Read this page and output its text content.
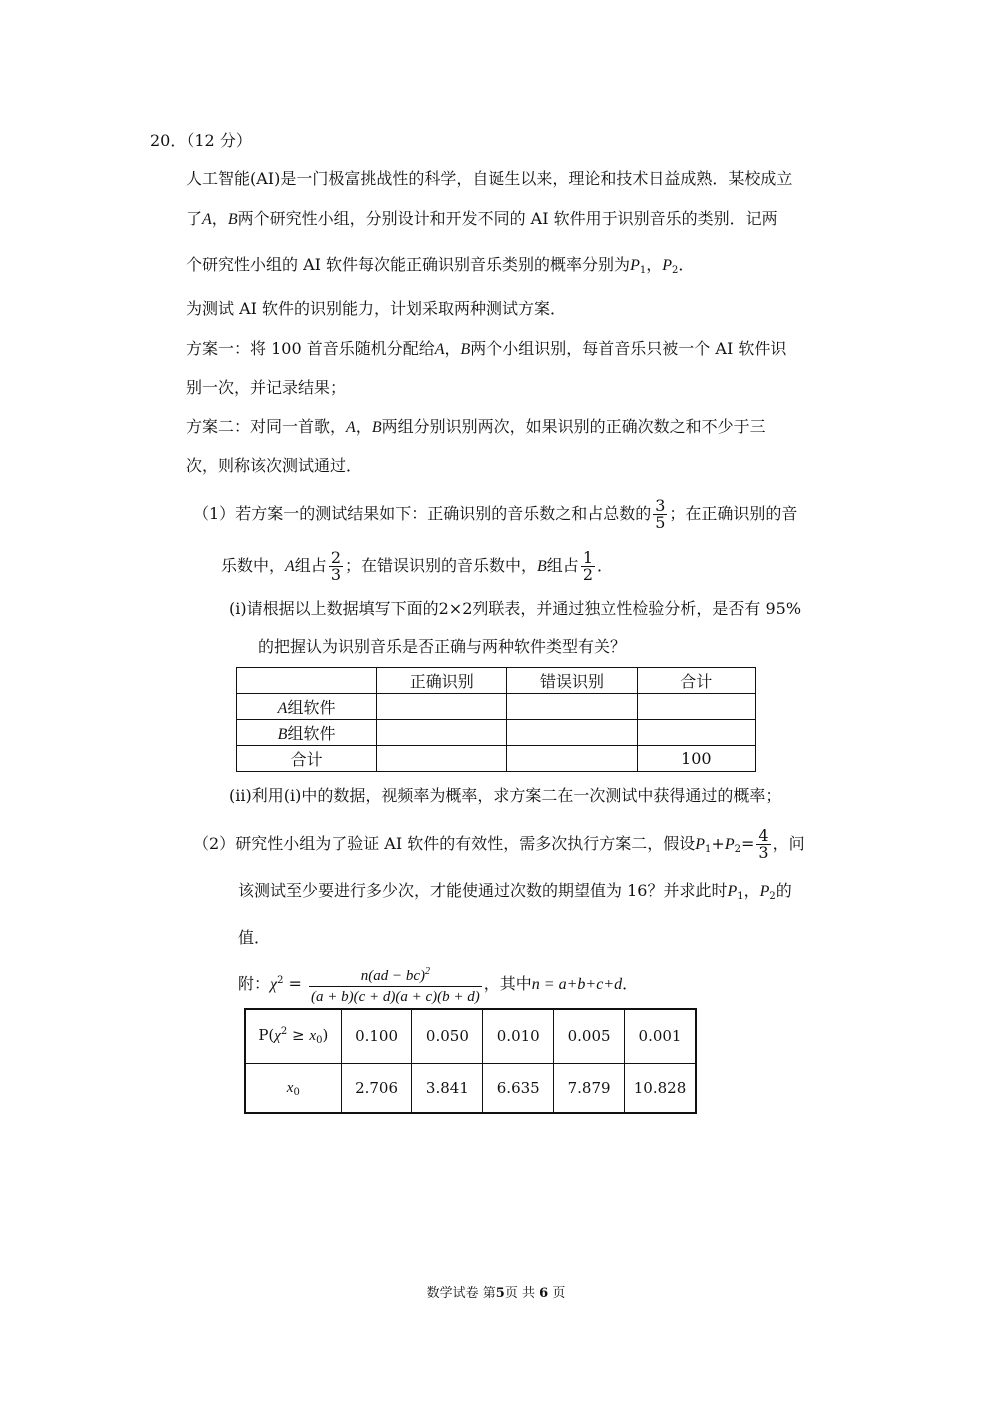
20．（12 分）
人工智能(AI)是一门极富挑战性的科学，自诞生以来，理论和技术日益成熟．某校成立
了A，B两个研究性小组，分别设计和开发不同的 AI 软件用于识别音乐的类别．记两
个研究性小组的 AI 软件每次能正确识别音乐类别的概率分别为$P_1$，$P_2$．
为测试 AI 软件的识别能力，计划采取两种测试方案．
方案一：将 100 首音乐随机分配给A，B两个小组识别，每首音乐只被一个 AI 软件识
别一次，并记录结果；
方案二：对同一首歌，A，B两组分别识别两次，如果识别的正确次数之和不少于三
次，则称该次测试通过．
（1）若方案一的测试结果如下：正确识别的音乐数之和占总数的 $\frac{3}{5}$ ；在正确识别的音
乐数中，A组占 $\frac{2}{3}$ ；在错误识别的音乐数中，B组占 $\frac{1}{2}$ ．
(i)请根据以上数据填写下面的2×2列联表，并通过独立性检验分析，是否有 95%
的把握认为识别音乐是否正确与两种软件类型有关？
	正确识别	错误识别	合计
A组软件			
B组软件			
合计			100
(ii)利用(i)中的数据，视频率为概率，求方案二在一次测试中获得通过的概率；
（2）研究性小组为了验证 AI 软件的有效性，需多次执行方案二，假设$P_1+P_2= \frac{4}{3}$ ，问
该测试至少要进行多少次，才能使通过次数的期望值为 16？并求此时$P_1$，$P_2$的
值．
附：$\chi^2 = \frac{n(ad - bc)^2}{(a + b)(c + d)(a + c)(b + d)}$ ，其中n = a+b+c+d．
$P(\chi^2 \ge x_0)$	0.100	0.050	0.010	0.005	0.001
$x_0$	2.706	3.841	6.635	7.879	10.828
数学试卷 第5页 共 6 页
